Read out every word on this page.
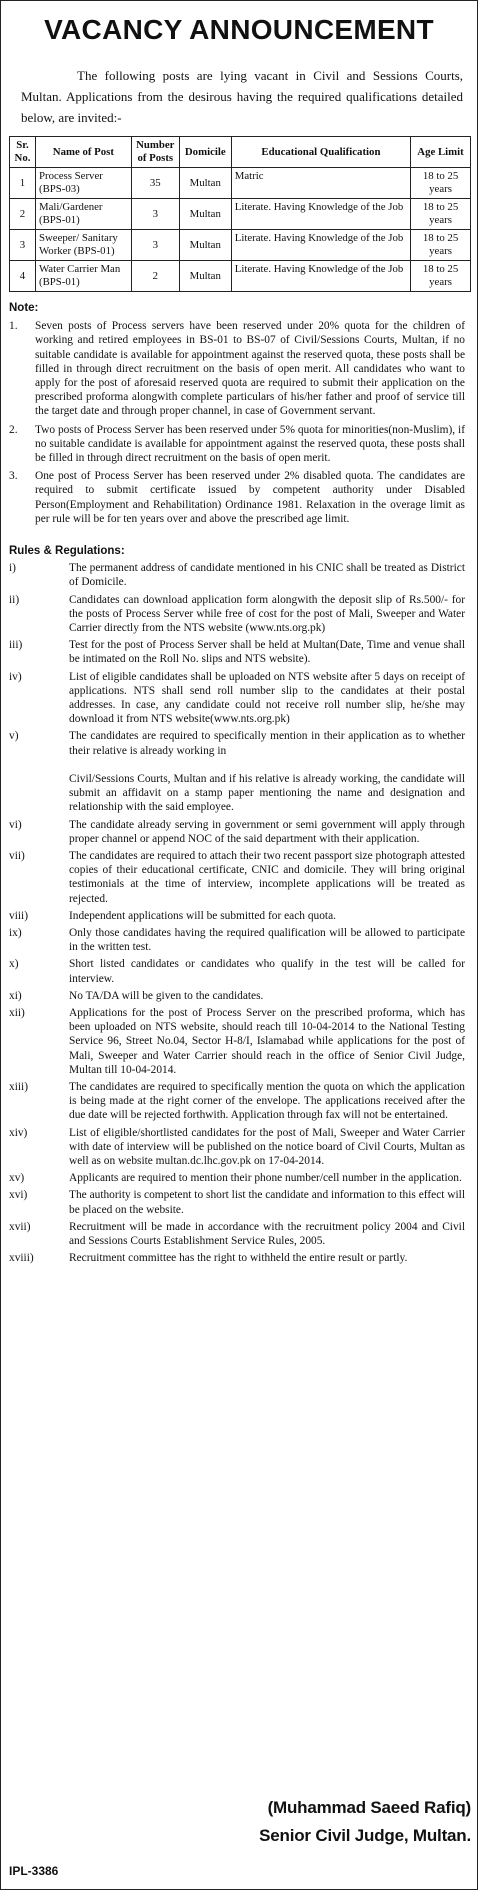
VACANCY ANNOUNCEMENT

The following posts are lying vacant in Civil and Sessions Courts, Multan. Applications from the desirous having the required qualifications detailed below, are invited:-

Sr. No.	Name of Post	Number of Posts	Domicile	Educational Qualification	Age Limit
1	Process Server (BPS-03)	35	Multan	Matric	18 to 25 years
2	Mali/Gardener (BPS-01)	3	Multan	Literate. Having Knowledge of the Job	18 to 25 years
3	Sweeper/ Sanitary Worker (BPS-01)	3	Multan	Literate. Having Knowledge of the Job	18 to 25 years
4	Water Carrier Man (BPS-01)	2	Multan	Literate. Having Knowledge of the Job	18 to 25 years
Note:
1.	Seven posts of Process servers have been reserved under 20% quota for the children of working and retired employees in BS-01 to BS-07 of Civil/Sessions Courts, Multan, if no suitable candidate is available for appointment against the reserved quota, these posts shall be filled in through direct recruitment on the basis of open merit. All candidates who want to apply for the post of aforesaid reserved quota are required to submit their application on the prescribed proforma alongwith complete particulars of his/her father and proof of service till the target date and through proper channel, in case of Government servant.
2.	Two posts of Process Server has been reserved under 5% quota for minorities(non-Muslim), if no suitable candidate is available for appointment against the reserved quota, these posts shall be filled in through direct recruitment on the basis of open merit.
3.	One post of Process Server has been reserved under 2% disabled quota. The candidates are required to submit certificate issued by competent authority under Disabled Person(Employment and Rehabilitation) Ordinance 1981. Relaxation in the overage limit as per rule will be for ten years over and above the prescribed age limit.
Rules & Regulations:
i)	The permanent address of candidate mentioned in his CNIC shall be treated as District of Domicile.
ii)	Candidates can download application form alongwith the deposit slip of Rs.500/- for the posts of Process Server while free of cost for the post of Mali, Sweeper and Water Carrier directly from the NTS website (www.nts.org.pk)
iii)	Test for the post of Process Server shall be held at Multan(Date, Time and venue shall be intimated on the Roll No. slips and NTS website).
iv)	List of eligible candidates shall be uploaded on NTS website after 5 days on receipt of applications. NTS shall send roll number slip to the candidates at their postal addresses. In case, any candidate could not receive roll number slip, he/she may download it from NTS website(www.nts.org.pk)
v)	The candidates are required to specifically mention in their application as to whether their relative is already working in

Civil/Sessions Courts, Multan and if his relative is already working, the candidate will submit an affidavit on a stamp paper mentioning the name and designation and relationship with the said employee.

vi)	The candidate already serving in government or semi government will apply through proper channel or append NOC of the said department with their application.
vii)	The candidates are required to attach their two recent passport size photograph attested copies of their educational certificate, CNIC and domicile. They will bring original testimonials at the time of interview, incomplete applications will be treated as rejected.
viii)	Independent applications will be submitted for each quota.
ix)	Only those candidates having the required qualification will be allowed to participate in the written test.
x)	Short listed candidates or candidates who qualify in the test will be called for interview.
xi)	No TA/DA will be given to the candidates.
xii)	Applications for the post of Process Server on the prescribed proforma, which has been uploaded on NTS website, should reach till 10-04-2014 to the National Testing Service 96, Street No.04, Sector H-8/I, Islamabad while applications for the post of Mali, Sweeper and Water Carrier should reach in the office of Senior Civil Judge, Multan till 10-04-2014.
xiii)	The candidates are required to specifically mention the quota on which the application is being made at the right corner of the envelope. The applications received after the due date will be rejected forthwith. Application through fax will not be entertained.
xiv)	List of eligible/shortlisted candidates for the post of Mali, Sweeper and Water Carrier with date of interview will be published on the notice board of Civil Courts, Multan as well as on website multan.dc.lhc.gov.pk on 17-04-2014.
xv)	Applicants are required to mention their phone number/cell number in the application.
xvi)	The authority is competent to short list the candidate and information to this effect will be placed on the website.
xvii)	Recruitment will be made in accordance with the recruitment policy 2004 and Civil and Sessions Courts Establishment Service Rules, 2005.
xviii)	Recruitment committee has the right to withheld the entire result or partly.
(Muhammad Saeed Rafiq)
Senior Civil Judge, Multan.
IPL-3386
